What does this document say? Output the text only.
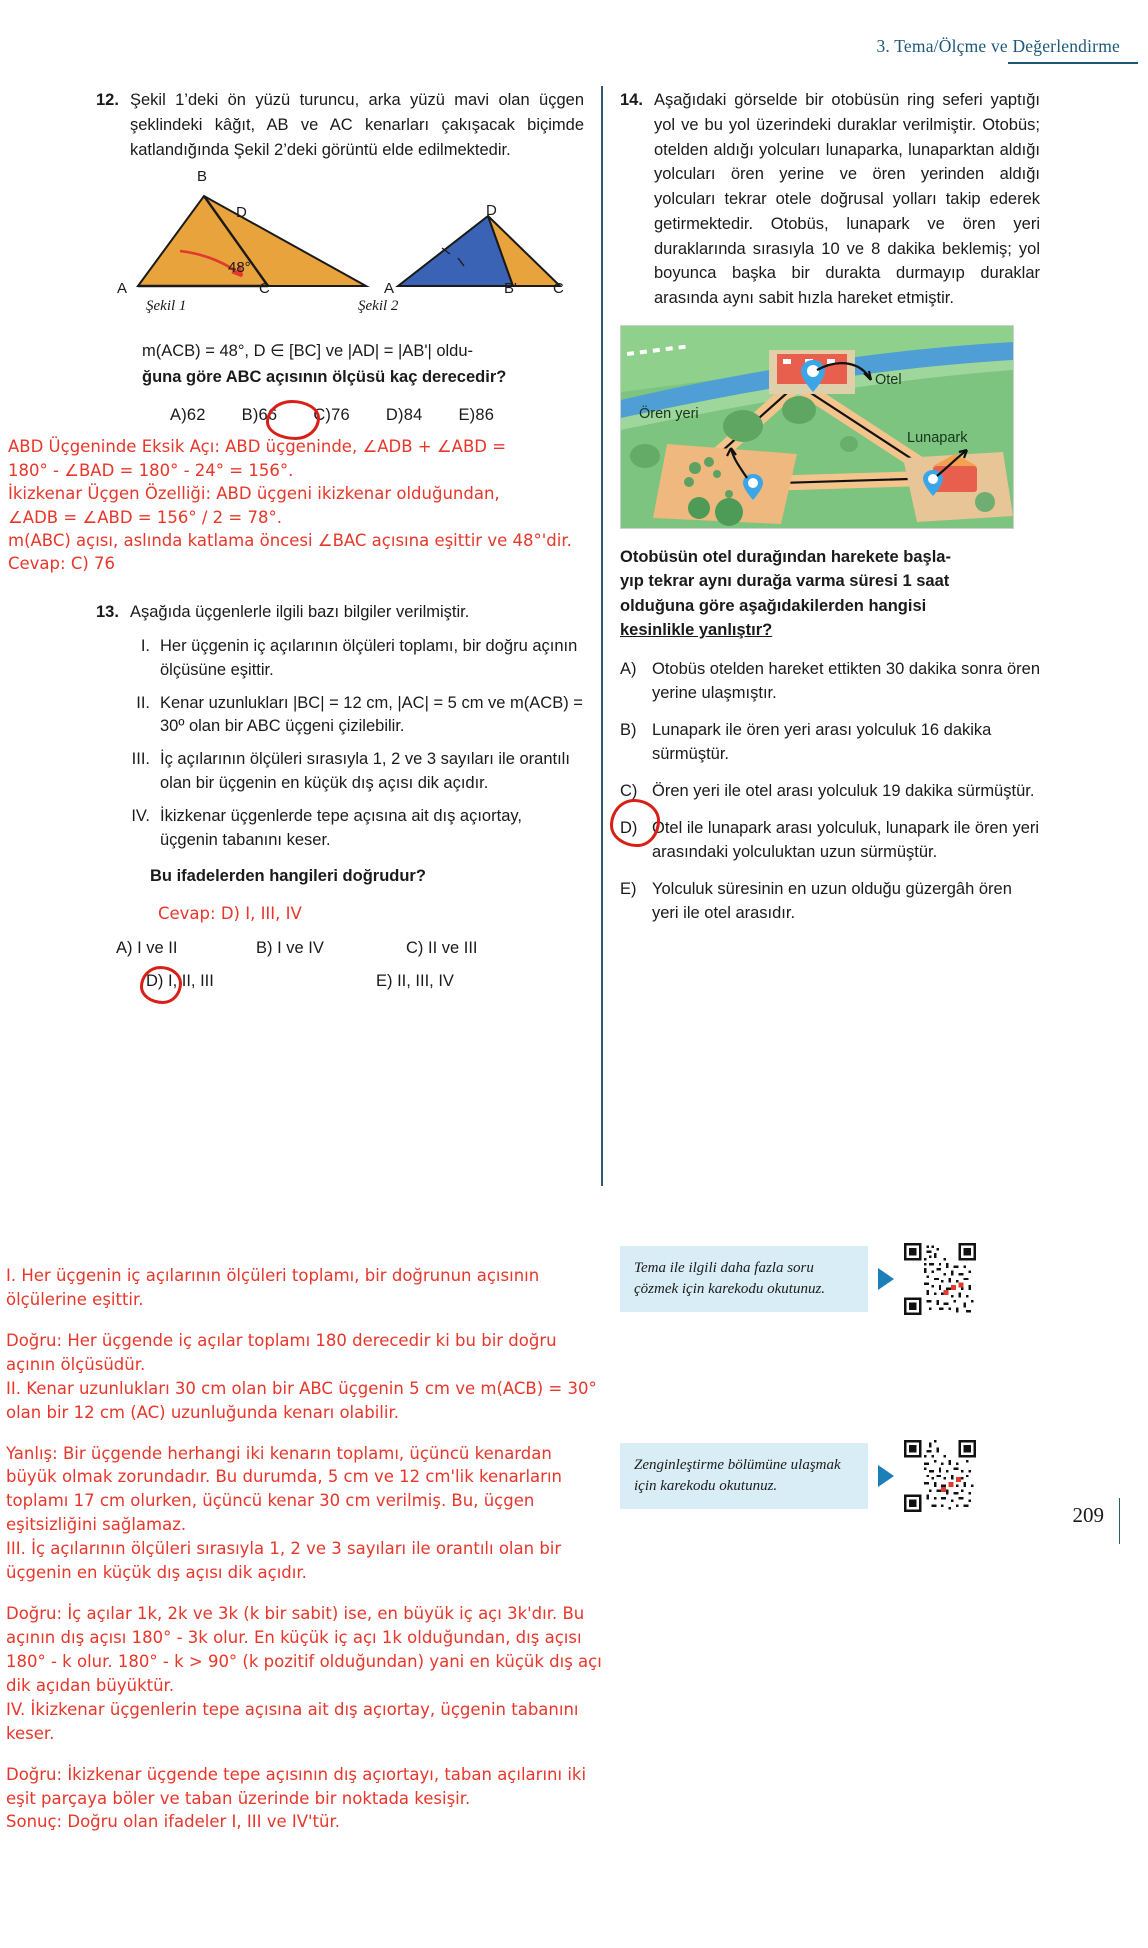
3. Tema/Ölçme ve Değerlendirme
12. Şekil 1’deki ön yüzü turuncu, arka yüzü mavi olan üçgen şeklindeki kâğıt, AB ve AC kenarları çakışacak biçimde katlandığında Şekil 2’deki görüntü elde edilmektedir.
B
D
A	C
48°
Şekil 1
D
A	B' C
Şekil 2
m(ACB) = 48°, D ∈ [BC] ve |AD| = |AB'| oldu-
ğuna göre ABC açısının ölçüsü kaç derecedir?
A)62 B)66 C)76 D)84 E)86
ABD Üçgeninde Eksik Açı: ABD üçgeninde, ∠ADB + ∠ABD =
180° - ∠BAD = 180° - 24° = 156°.
İkizkenar Üçgen Özelliği: ABD üçgeni ikizkenar olduğundan,
∠ADB = ∠ABD = 156° / 2 = 78°.
m(ABC) açısı, aslında katlama öncesi ∠BAC açısına eşittir ve 48°'dir.
Cevap: C) 76
13. Aşağıda üçgenlerle ilgili bazı bilgiler verilmiştir.
I. Her üçgenin iç açılarının ölçüleri toplamı, bir doğru açının ölçüsüne eşittir.
II. Kenar uzunlukları |BC| = 12 cm, |AC| = 5 cm ve m(ACB) = 30º olan bir ABC üçgeni çizilebilir.
III. İç açılarının ölçüleri sırasıyla 1, 2 ve 3 sayıları ile orantılı olan bir üçgenin en küçük dış açısı dik açıdır.
IV. İkizkenar üçgenlerde tepe açısına ait dış açıortay, üçgenin tabanını keser.
Bu ifadelerden hangileri doğrudur?
Cevap: D) I, III, IV
A) I ve II	B) I ve IV	C) II ve III
D) I, II, III	E) II, III, IV
14. Aşağıdaki görselde bir otobüsün ring seferi yaptığı yol ve bu yol üzerindeki duraklar verilmiştir. Otobüs; otelden aldığı yolcuları lunaparka, lunaparktan aldığı yolcuları ören yerine ve ören yerinden aldığı yolcuları tekrar otele doğrusal yolları takip ederek getirmektedir. Otobüs, lunapark ve ören yeri duraklarında sırasıyla 10 ve 8 dakika beklemiş; yol boyunca başka bir durakta durmayıp duraklar arasında aynı sabit hızla hareket etmiştir.
Otel
Ören yeri
Lunapark
Otobüsün otel durağından harekete başla-
yıp tekrar aynı durağa varma süresi 1 saat
olduğuna göre aşağıdakilerden hangisi
kesinlikle yanlıştır?
A) Otobüs otelden hareket ettikten 30 dakika sonra ören yerine ulaşmıştır.
B) Lunapark ile ören yeri arası yolculuk 16 dakika sürmüştür.
C) Ören yeri ile otel arası yolculuk 19 dakika sürmüştür.
D) Otel ile lunapark arası yolculuk, lunapark ile ören yeri arasındaki yolculuktan uzun sürmüştür.
E) Yolculuk süresinin en uzun olduğu güzergâh ören yeri ile otel arasıdır.
Tema ile ilgili daha fazla soru çözmek için karekodu okutunuz.
Zenginleştirme bölümüne ulaşmak için karekodu okutunuz.
209

I. Her üçgenin iç açılarının ölçüleri toplamı, bir doğrunun açısının

ölçülerine eşittir.

Doğru: Her üçgende iç açılar toplamı 180 derecedir ki bu bir doğru

açının ölçüsüdür.

II. Kenar uzunlukları 30 cm olan bir ABC üçgenin 5 cm ve m(ACB) = 30°

olan bir 12 cm (AC) uzunluğunda kenarı olabilir.

Yanlış: Bir üçgende herhangi iki kenarın toplamı, üçüncü kenardan

büyük olmak zorundadır. Bu durumda, 5 cm ve 12 cm'lik kenarların

toplamı 17 cm olurken, üçüncü kenar 30 cm verilmiş. Bu, üçgen

eşitsizliğini sağlamaz.

III. İç açılarının ölçüleri sırasıyla 1, 2 ve 3 sayıları ile orantılı olan bir

üçgenin en küçük dış açısı dik açıdır.

Doğru: İç açılar 1k, 2k ve 3k (k bir sabit) ise, en büyük iç açı 3k'dır. Bu

açının dış açısı 180° - 3k olur. En küçük iç açı 1k olduğundan, dış açısı

180° - k olur. 180° - k > 90° (k pozitif olduğundan) yani en küçük dış açı

dik açıdan büyüktür.

IV. İkizkenar üçgenlerin tepe açısına ait dış açıortay, üçgenin tabanını

keser.

Doğru: İkizkenar üçgende tepe açısının dış açıortayı, taban açılarını iki

eşit parçaya böler ve taban üzerinde bir noktada kesişir.

Sonuç: Doğru olan ifadeler I, III ve IV'tür.
